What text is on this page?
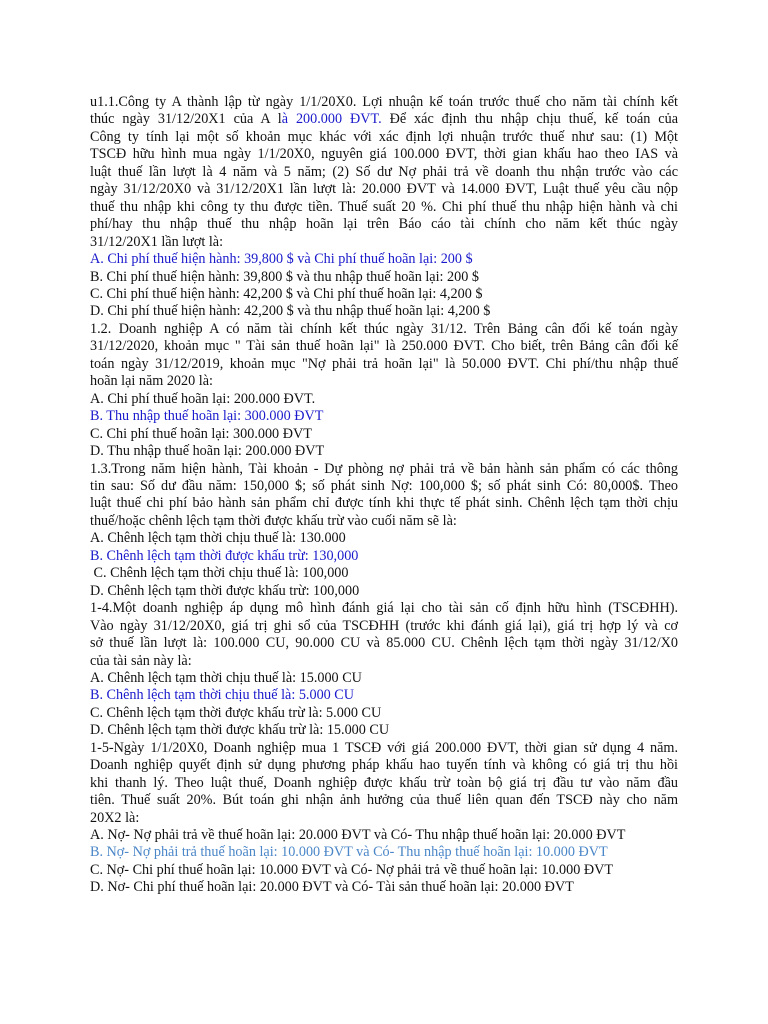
u1.1.Công ty A thành lập từ ngày 1/1/20X0. Lợi nhuận kế toán trước thuế cho năm tài chính kết

thúc ngày 31/12/20X1 của A là 200.000 ĐVT. Để xác định thu nhập chịu thuế, kế toán của

Công ty tính lại một số khoản mục khác với xác định lợi nhuận trước thuế như sau: (1) Một

TSCĐ hữu hình mua ngày 1/1/20X0, nguyên giá 100.000 ĐVT, thời gian khấu hao theo IAS và

luật thuế lần lượt là 4 năm và 5 năm; (2) Số dư Nợ phải trả về doanh thu nhận trước vào các

ngày 31/12/20X0 và 31/12/20X1 lần lượt là: 20.000 ĐVT và 14.000 ĐVT, Luật thuế yêu cầu nộp

thuế thu nhập khi công ty thu được tiền. Thuế suất 20 %. Chi phí thuế thu nhập hiện hành và chi

phí/hay thu nhập thuế thu nhập hoãn lại trên Báo cáo tài chính cho năm kết thúc ngày

31/12/20X1 lần lượt là:

A. Chi phí thuế hiện hành: 39,800 $ và Chi phí thuế hoãn lại: 200 $

B. Chi phí thuế hiện hành: 39,800 $ và thu nhập thuế hoãn lại: 200 $

C. Chi phí thuế hiện hành: 42,200 $ và Chi phí thuế hoãn lại: 4,200 $

D. Chi phí thuế hiện hành: 42,200 $ và thu nhập thuế hoãn lại: 4,200 $

1.2. Doanh nghiệp A có năm tài chính kết thúc ngày 31/12. Trên Bảng cân đối kế toán ngày

31/12/2020, khoản mục " Tài sản thuế hoãn lại" là 250.000 ĐVT. Cho biết, trên Bảng cân đối kế

toán ngày 31/12/2019, khoản mục "Nợ phải trả hoãn lại" là 50.000 ĐVT. Chi phí/thu nhập thuế

hoãn lại năm 2020 là:

A. Chi phí thuế hoãn lại: 200.000 ĐVT.

B. Thu nhập thuế hoãn lại: 300.000 ĐVT

C. Chi phí thuế hoãn lại: 300.000 ĐVT

D. Thu nhập thuế hoãn lại: 200.000 ĐVT

1.3.Trong năm hiện hành, Tài khoản - Dự phòng nợ phải trả về bản hành sản phẩm có các thông

tin sau: Số dư đầu năm: 150,000 $; số phát sinh Nợ: 100,000 $; số phát sinh Có: 80,000$. Theo

luật thuế chi phí bảo hành sản phẩm chỉ được tính khi thực tế phát sinh. Chênh lệch tạm thời chịu

thuế/hoặc chênh lệch tạm thời được khấu trừ vào cuối năm sẽ là:

A. Chênh lệch tạm thời chịu thuế là: 130.000

B. Chênh lệch tạm thời được khấu trừ: 130,000

C. Chênh lệch tạm thời chịu thuế là: 100,000

D. Chênh lệch tạm thời được khấu trừ: 100,000

1-4.Một doanh nghiệp áp dụng mô hình đánh giá lại cho tài sản cố định hữu hình (TSCĐHH).

Vào ngày 31/12/20X0, giá trị ghi sổ của TSCĐHH (trước khi đánh giá lại), giá trị hợp lý và cơ

sở thuế lần lượt là: 100.000 CU, 90.000 CU và 85.000 CU. Chênh lệch tạm thời ngày 31/12/X0

của tài sản này là:

A. Chênh lệch tạm thời chịu thuế là: 15.000 CU

B. Chênh lệch tạm thời chịu thuế là: 5.000 CU

C. Chênh lệch tạm thời được khấu trừ là: 5.000 CU

D. Chênh lệch tạm thời được khấu trừ là: 15.000 CU

1-5-Ngày 1/1/20X0, Doanh nghiệp mua 1 TSCĐ với giá 200.000 ĐVT, thời gian sử dụng 4 năm.

Doanh nghiệp quyết định sử dụng phương pháp khấu hao tuyến tính và không có giá trị thu hồi

khi thanh lý. Theo luật thuế, Doanh nghiệp được khấu trừ toàn bộ giá trị đầu tư vào năm đầu

tiên. Thuế suất 20%. Bút toán ghi nhận ảnh hưởng của thuế liên quan đến TSCĐ này cho năm

20X2 là:

A. Nợ- Nợ phải trả về thuế hoãn lại: 20.000 ĐVT và Có- Thu nhập thuế hoãn lại: 20.000 ĐVT

B. Nợ- Nợ phải trả thuế hoãn lại: 10.000 ĐVT và Có- Thu nhập thuế hoãn lại: 10.000 ĐVT

C. Nợ- Chi phí thuế hoãn lại: 10.000 ĐVT và Có- Nợ phải trả về thuế hoãn lại: 10.000 ĐVT

D. Nơ- Chi phí thuế hoãn lại: 20.000 ĐVT và Có- Tài sản thuế hoãn lại: 20.000 ĐVT
